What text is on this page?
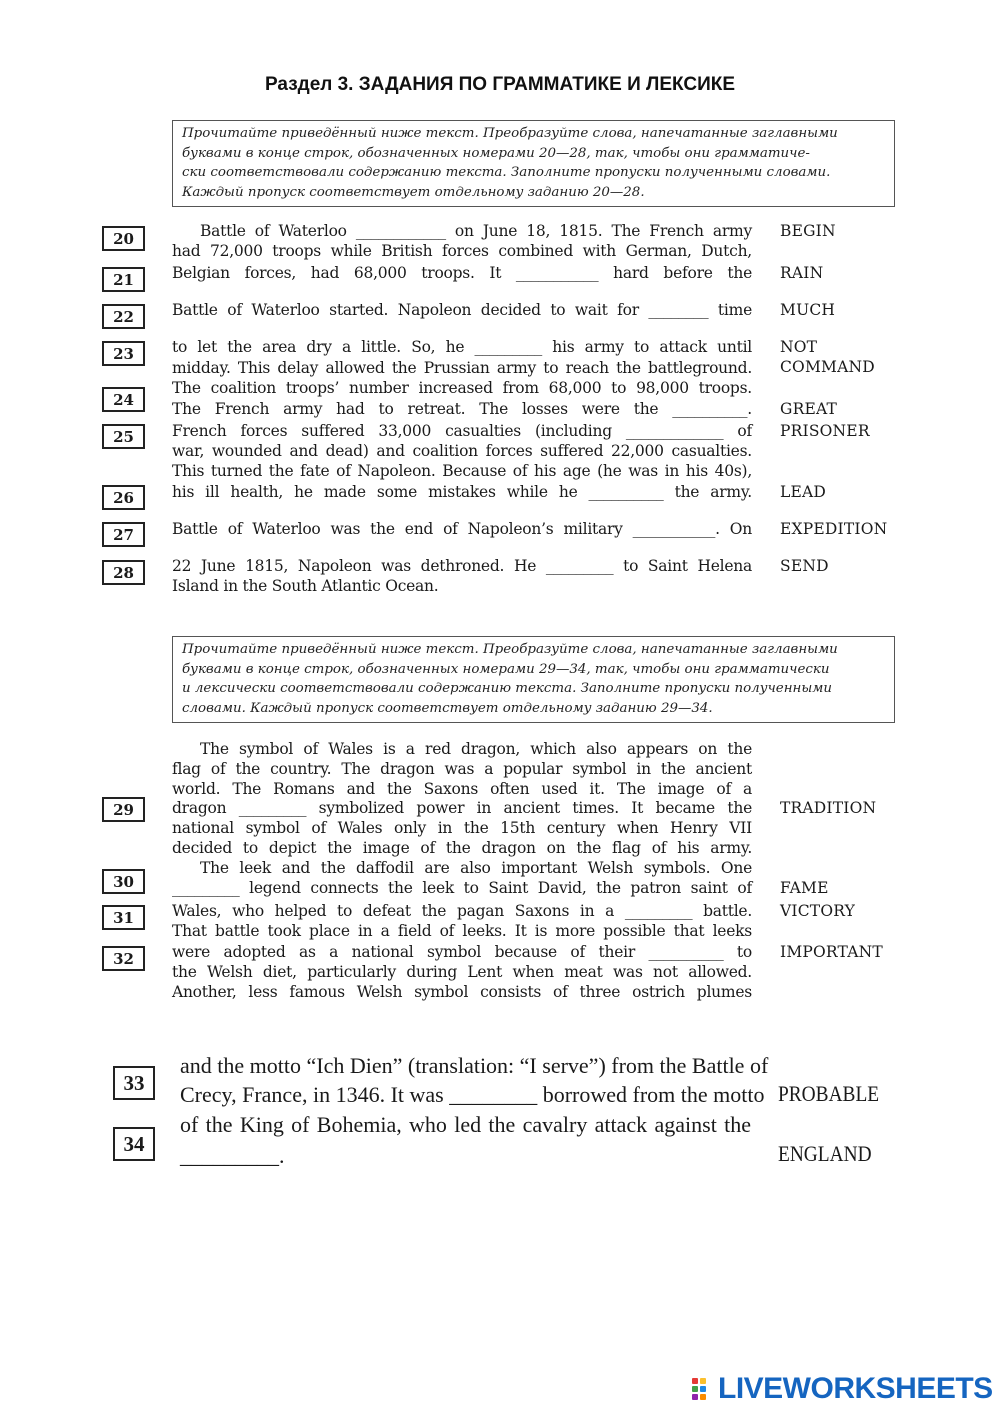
Раздел 3. ЗАДАНИЯ ПО ГРАММАТИКЕ И ЛЕКСИКЕ
Прочитайте приведённый ниже текст. Преобразуйте слова, напечатанные заглавными
буквами в конце строк, обозначенных номерами 20—28, так, чтобы они грамматиче-
ски соответствовали содержанию текста. Заполните пропуски полученными словами.
Каждый пропуск соответствует отдельному заданию 20—28.
20
21
22
23
24
25
26
27
28
Battle of Waterloo ____________ on June 18, 1815. The French army
had 72,000 troops while British forces combined with German, Dutch,
Belgian forces, had 68,000 troops. It ___________ hard before the
Battle of Waterloo started. Napoleon decided to wait for ________ time
to let the area dry a little. So, he _________ his army to attack until
midday. This delay allowed the Prussian army to reach the battleground.
The coalition troops’ number increased from 68,000 to 98,000 troops.
The French army had to retreat. The losses were the __________.
French forces suffered 33,000 casualties (including _____________ of
war, wounded and dead) and coalition forces suffered 22,000 casualties.
This turned the fate of Napoleon. Because of his age (he was in his 40s),
his ill health, he made some mistakes while he __________ the army.
Battle of Waterloo was the end of Napoleon’s military ___________. On
22 June 1815, Napoleon was dethroned. He _________ to Saint Helena
Island in the South Atlantic Ocean.
BEGIN
RAIN
MUCH
NOT
COMMAND
GREAT
PRISONER
LEAD
EXPEDITION
SEND
Прочитайте приведённый ниже текст. Преобразуйте слова, напечатанные заглавными
буквами в конце строк, обозначенных номерами 29—34, так, чтобы они грамматически
и лексически соответствовали содержанию текста. Заполните пропуски полученными
словами. Каждый пропуск соответствует отдельному заданию 29—34.
29
30
31
32
The symbol of Wales is a red dragon, which also appears on the
flag of the country. The dragon was a popular symbol in the ancient
world. The Romans and the Saxons often used it. The image of a
dragon _________ symbolized power in ancient times. It became the
national symbol of Wales only in the 15th century when Henry VII
decided to depict the image of the dragon on the flag of his army.
The leek and the daffodil are also important Welsh symbols. One
_________ legend connects the leek to Saint David, the patron saint of
Wales, who helped to defeat the pagan Saxons in a _________ battle.
That battle took place in a field of leeks. It is more possible that leeks
were adopted as a national symbol because of their __________ to
the Welsh diet, particularly during Lent when meat was not allowed.
Another, less famous Welsh symbol consists of three ostrich plumes
TRADITION
FAME
VICTORY
IMPORTANT
33
34
and the motto “Ich Dien” (translation: “I serve”) from the Battle of
Crecy, France, in 1346. It was ________ borrowed from the motto
of the King of Bohemia, who led the cavalry attack against the
_________.
PROBABLE
ENGLAND
LIVEWORKSHEETS
